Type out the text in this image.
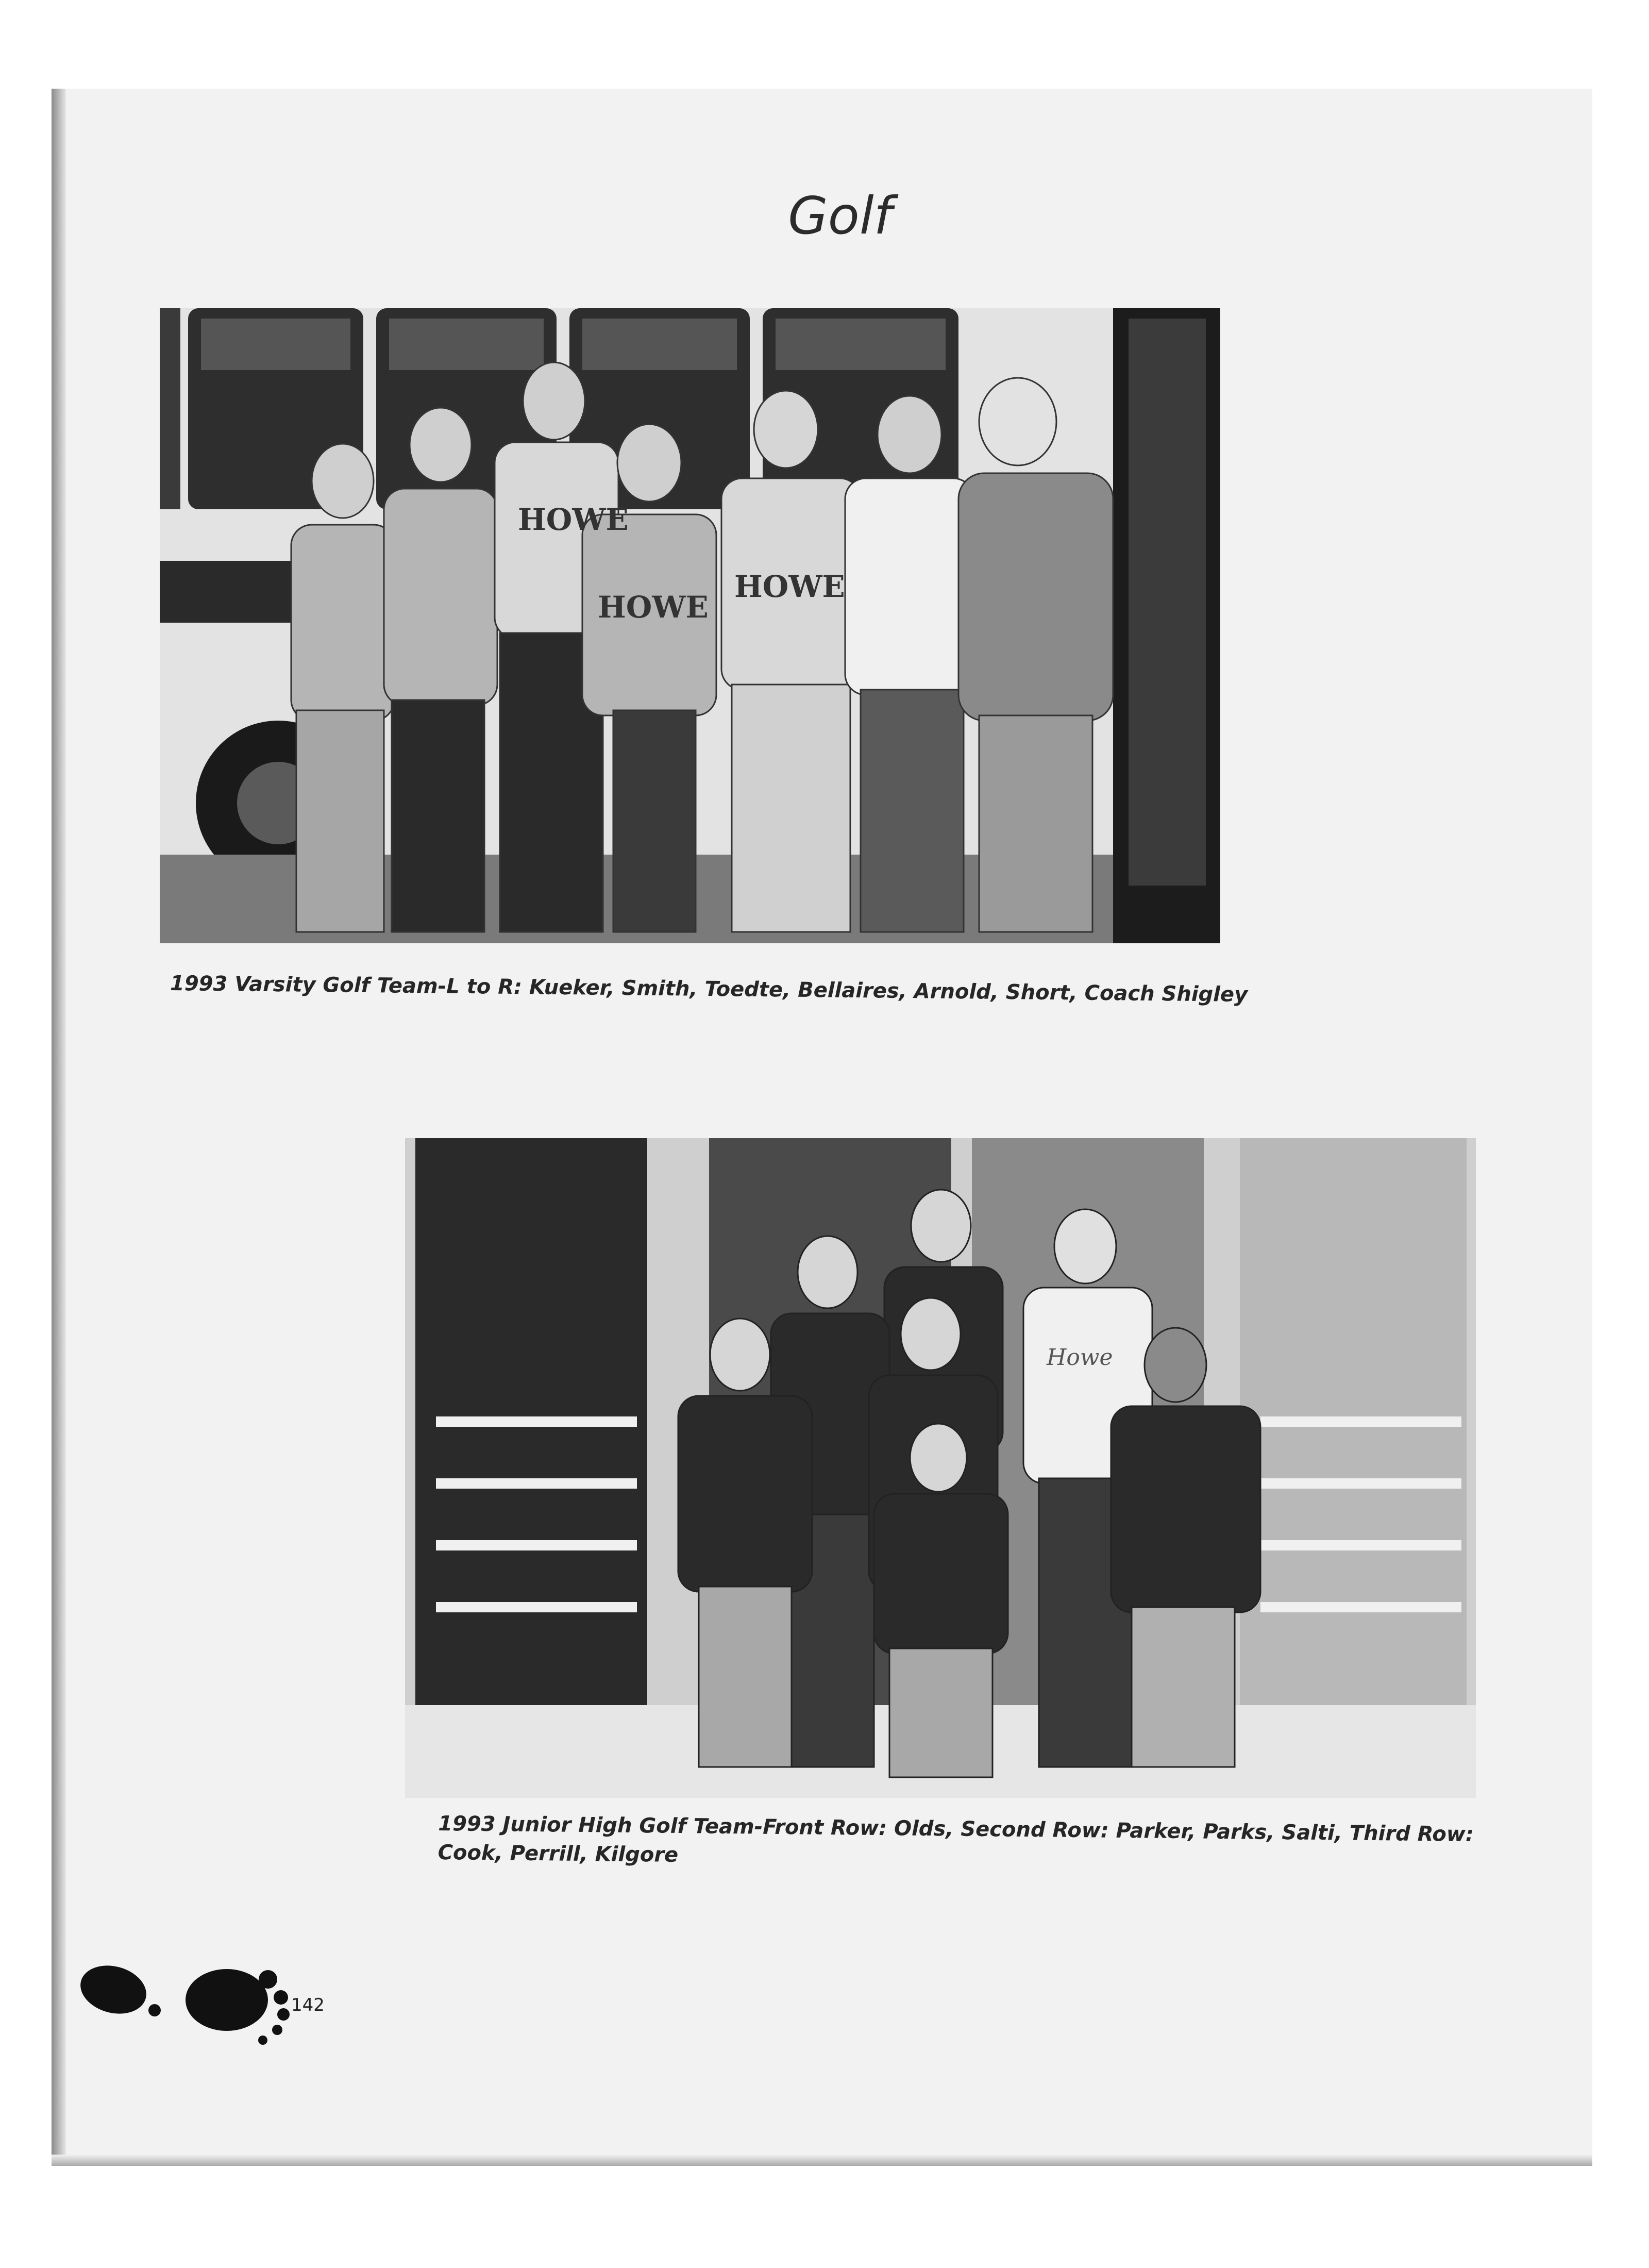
Golf
HOWE
HOWE
HOWE
1993 Varsity Golf Team-L to R: Kueker, Smith, Toedte, Bellaires, Arnold, Short, Coach Shigley
Howe
1993 Junior High Golf Team-Front Row: Olds, Second Row: Parker, Parks, Salti, Third Row: Cook, Perrill, Kilgore
142
